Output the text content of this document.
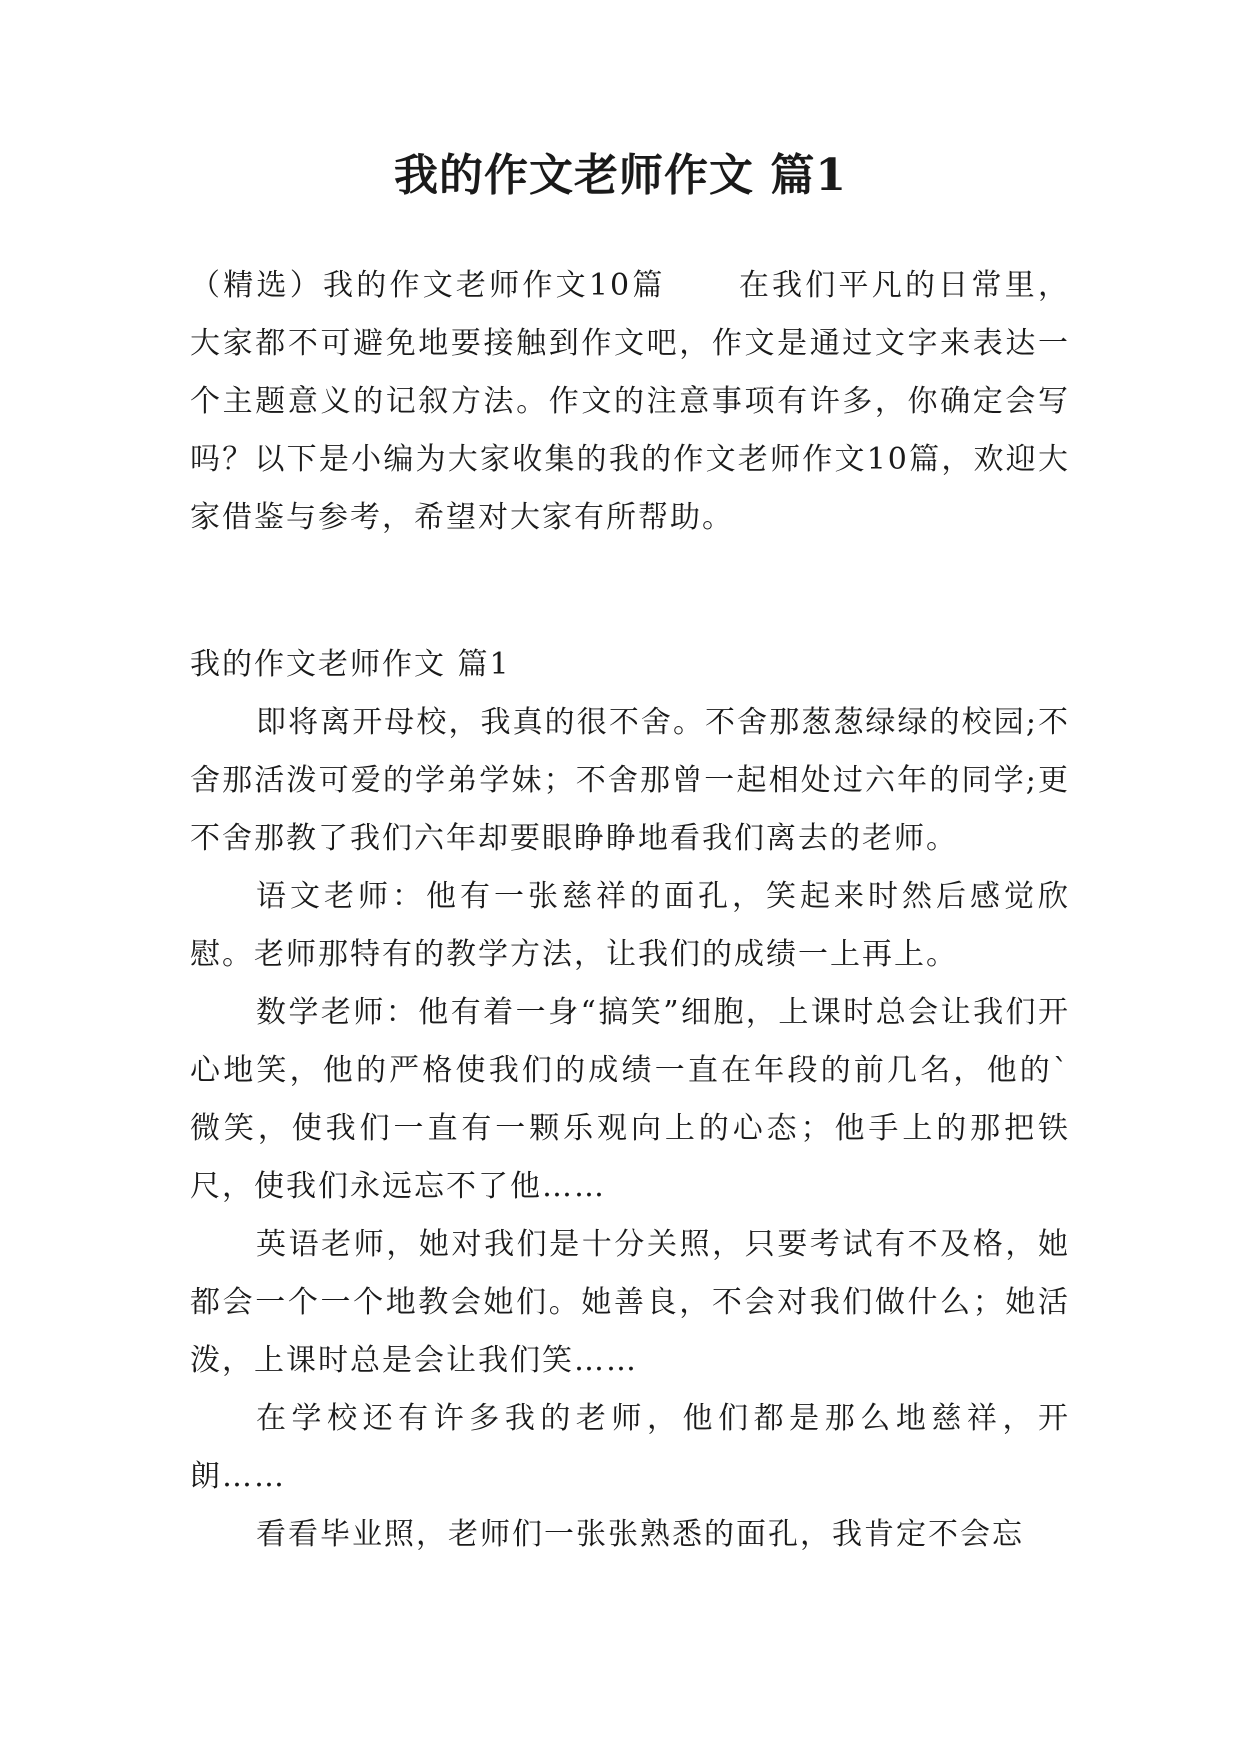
我的作文老师作文 篇1

（精选）我的作文老师作文10篇 在我们平凡的日常里，大家都不可避免地要接触到作文吧，作文是通过文字来表达一个主题意义的记叙方法。作文的注意事项有许多，你确定会写吗？以下是小编为大家收集的我的作文老师作文10篇，欢迎大家借鉴与参考，希望对大家有所帮助。

我的作文老师作文 篇1

即将离开母校，我真的很不舍。不舍那葱葱绿绿的校园;不舍那活泼可爱的学弟学妹；不舍那曾一起相处过六年的同学;更不舍那教了我们六年却要眼睁睁地看我们离去的老师。

语文老师：他有一张慈祥的面孔，笑起来时然后感觉欣慰。老师那特有的教学方法，让我们的成绩一上再上。

数学老师：他有着一身“搞笑”细胞，上课时总会让我们开心地笑，他的严格使我们的成绩一直在年段的前几名，他的`微笑，使我们一直有一颗乐观向上的心态；他手上的那把铁尺，使我们永远忘不了他……

英语老师，她对我们是十分关照，只要考试有不及格，她都会一个一个地教会她们。她善良，不会对我们做什么；她活泼，上课时总是会让我们笑……

在学校还有许多我的老师，他们都是那么地慈祥，开朗……

看看毕业照，老师们一张张熟悉的面孔，我肯定不会忘
